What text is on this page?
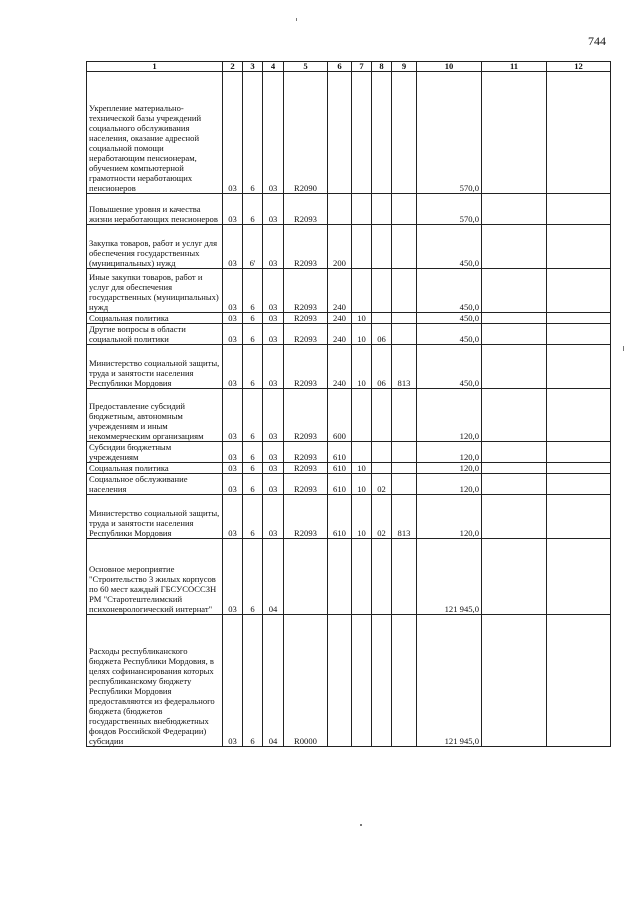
744
1	2	3	4	5	6	7	8	9	10	11	12
Укрепление материально-технической базы учреждений социального обслуживания населения, оказание адресной социальной помощи неработающим пенсионерам, обучением компьютерной грамотности неработающих пенсионеров	03	6	03	R2090					570,0		
Повышение уровня и качества жизни неработающих пенсионеров	03	6	03	R2093					570,0		
Закупка товаров, работ и услуг для обеспечения государственных (муниципальных) нужд	03	6'	03	R2093	200				450,0		
Иные закупки товаров, работ и услуг для обеспечения государственных (муниципальных) нужд	03	6	03	R2093	240				450,0		
Социальная политика	03	6	03	R2093	240	10			450,0		
Другие вопросы в области социальной политики	03	6	03	R2093	240	10	06		450,0		
Министерство социальной защиты, труда и занятости населения Республики Мордовия	03	6	03	R2093	240	10	06	813	450,0		
Предоставление субсидий бюджетным, автономным учреждениям и иным некоммерческим организациям	03	6	03	R2093	600				120,0		
Субсидии бюджетным учреждениям	03	6	03	R2093	610				120,0		
Социальная политика	03	6	03	R2093	610	10			120,0		
Социальное обслуживание населения	03	6	03	R2093	610	10	02		120,0		
Министерство социальной защиты, труда и занятости населения Республики Мордовия	03	6	03	R2093	610	10	02	813	120,0		
Основное мероприятие "Строительство 3 жилых корпусов по 60 мест каждый ГБСУСОССЗН РМ "Старотештелимский психоневрологический интернат"	03	6	04						121 945,0		
Расходы республиканского бюджета Республики Мордовия, в целях софинансирования которых республиканскому бюджету Республики Мордовия предоставляются из федерального бюджета (бюджетов государственных внебюджетных фондов Российской Федерации) субсидии	03	6	04	R0000					121 945,0		
